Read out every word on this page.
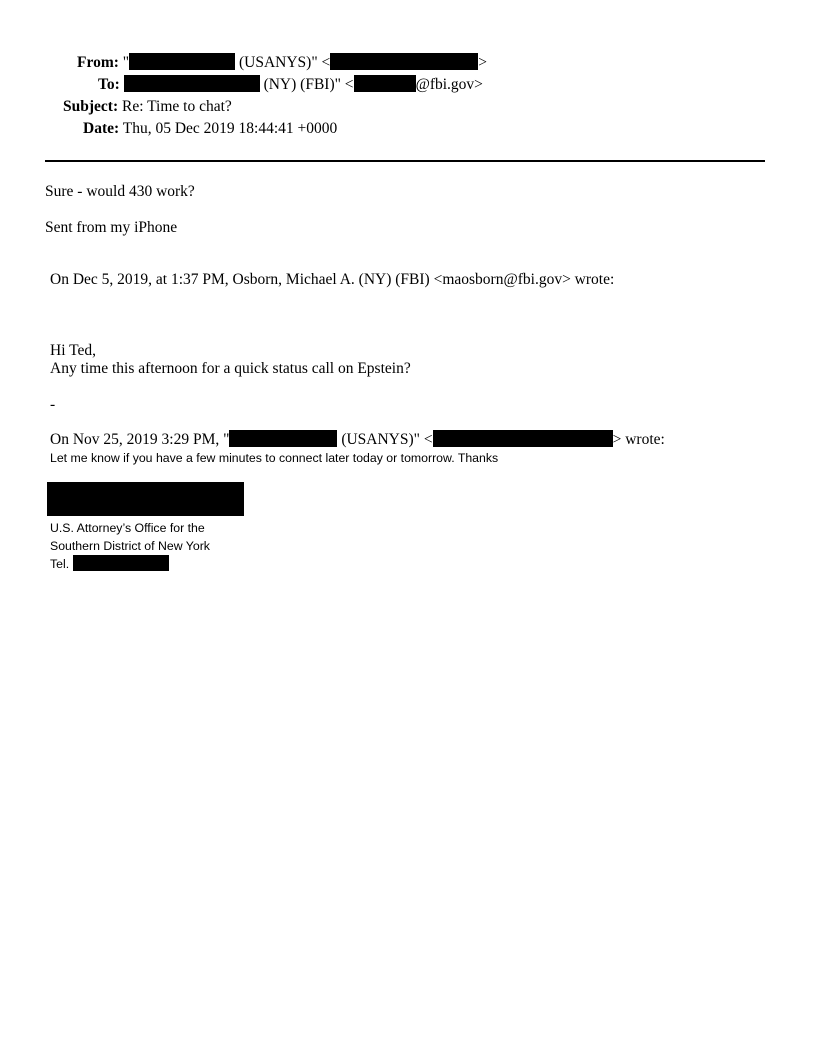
From: "	(USANYS)" <	>
To:	(NY) (FBI)" <	@fbi.gov>
Subject: Re: Time to chat?
Date: Thu, 05 Dec 2019 18:44:41 +0000
Sure - would 430 work?
Sent from my iPhone
On Dec 5, 2019, at 1:37 PM, Osborn, Michael A. (NY) (FBI) <maosborn@fbi.gov> wrote:
Hi Ted,
Any time this afternoon for a quick status call on Epstein?
-
On Nov 25, 2019 3:29 PM, "	(USANYS)" <	> wrote:
Let me know if you have a few minutes to connect later today or tomorrow. Thanks
U.S. Attorney’s Office for the
Southern District of New York
Tel.
